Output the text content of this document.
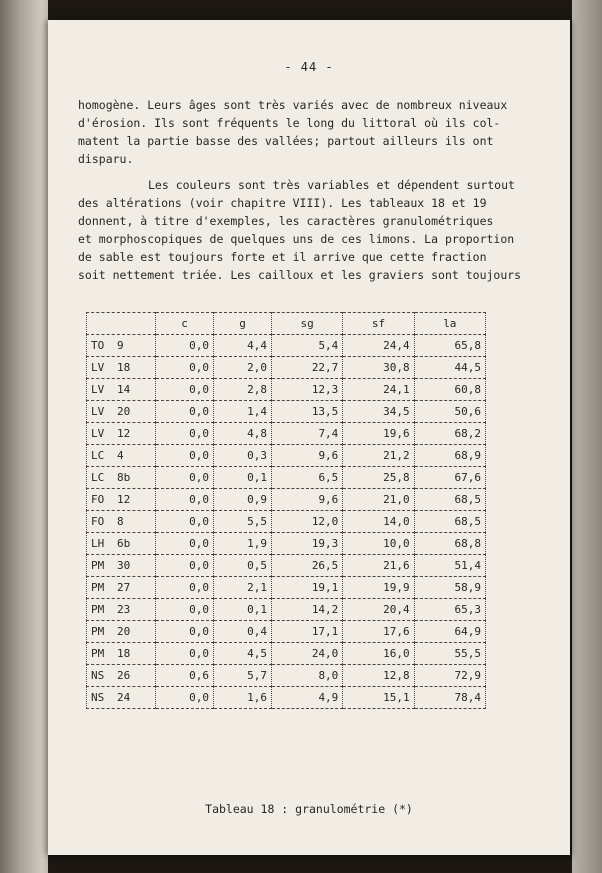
- 44 -

homogène. Leurs âges sont très variés avec de nombreux niveaux
d'érosion. Ils sont fréquents le long du littoral où ils col-
matent la partie basse des vallées; partout ailleurs ils ont
disparu.

Les couleurs sont très variables et dépendent surtout
des altérations (voir chapitre VIII). Les tableaux 18 et 19
donnent, à titre d'exemples, les caractères granulométriques
et morphoscopiques de quelques uns de ces limons. La proportion
de sable est toujours forte et il arrive que cette fraction
soit nettement triée. Les cailloux et les graviers sont toujours

	c	g	sg	sf	la
TO 9	0,0	4,4	5,4	24,4	65,8
LV 18	0,0	2,0	22,7	30,8	44,5
LV 14	0,0	2,8	12,3	24,1	60,8
LV 20	0,0	1,4	13,5	34,5	50,6
LV 12	0,0	4,8	7,4	19,6	68,2
LC 4	0,0	0,3	9,6	21,2	68,9
LC 8b	0,0	0,1	6,5	25,8	67,6
FO 12	0,0	0,9	9,6	21,0	68,5
FO 8	0,0	5,5	12,0	14,0	68,5
LH 6b	0,0	1,9	19,3	10,0	68,8
PM 30	0,0	0,5	26,5	21,6	51,4
PM 27	0,0	2,1	19,1	19,9	58,9
PM 23	0,0	0,1	14,2	20,4	65,3
PM 20	0,0	0,4	17,1	17,6	64,9
PM 18	0,0	4,5	24,0	16,0	55,5
NS 26	0,6	5,7	8,0	12,8	72,9
NS 24	0,0	1,6	4,9	15,1	78,4
Tableau 18 : granulométrie (*)
